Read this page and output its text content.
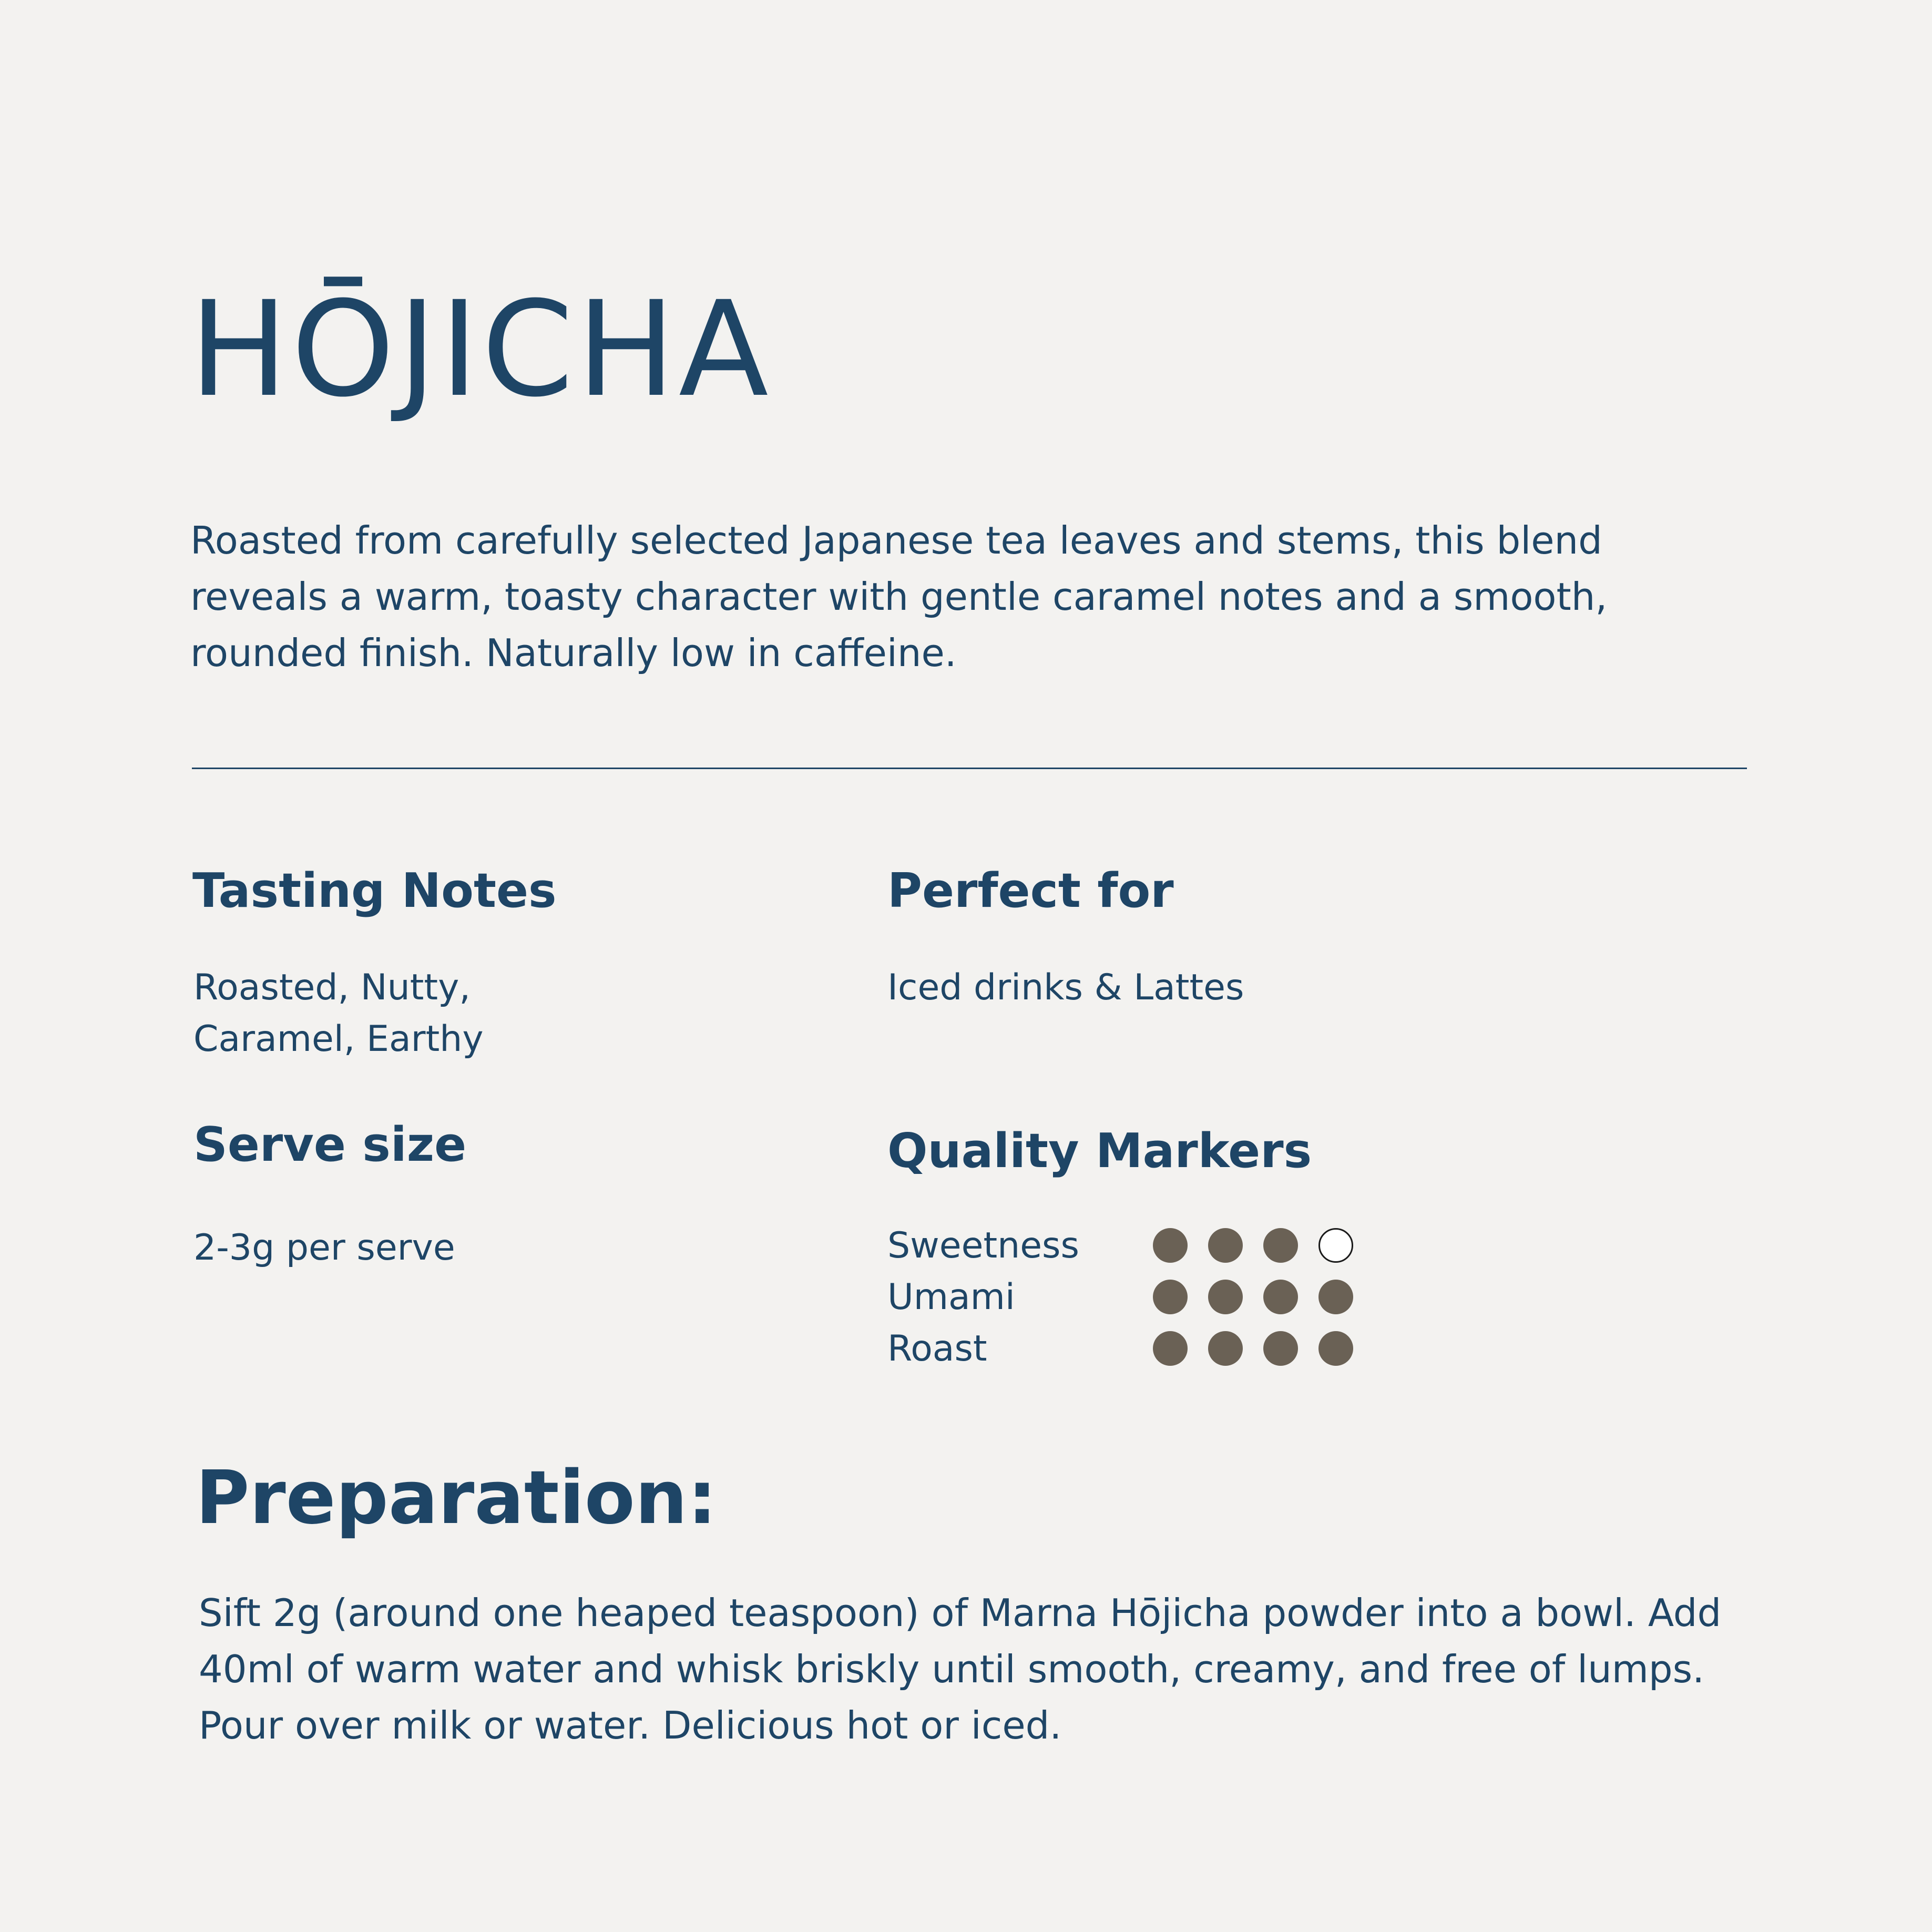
HŌJICHA

Roasted from carefully selected Japanese tea leaves and stems, this blend reveals a warm, toasty character with gentle caramel notes and a smooth, rounded finish. Naturally low in caffeine.

Tasting Notes
Roasted, Nutty,
Caramel, Earthy
Perfect for
Iced drinks & Lattes
Serve size
2-3g per serve
Quality Markers
Sweetness
Umami
Roast
Preparation:

Sift 2g (around one heaped teaspoon) of Marna Hōjicha powder into a bowl. Add 40ml of warm water and whisk briskly until smooth, creamy, and free of lumps. Pour over milk or water. Delicious hot or iced.
